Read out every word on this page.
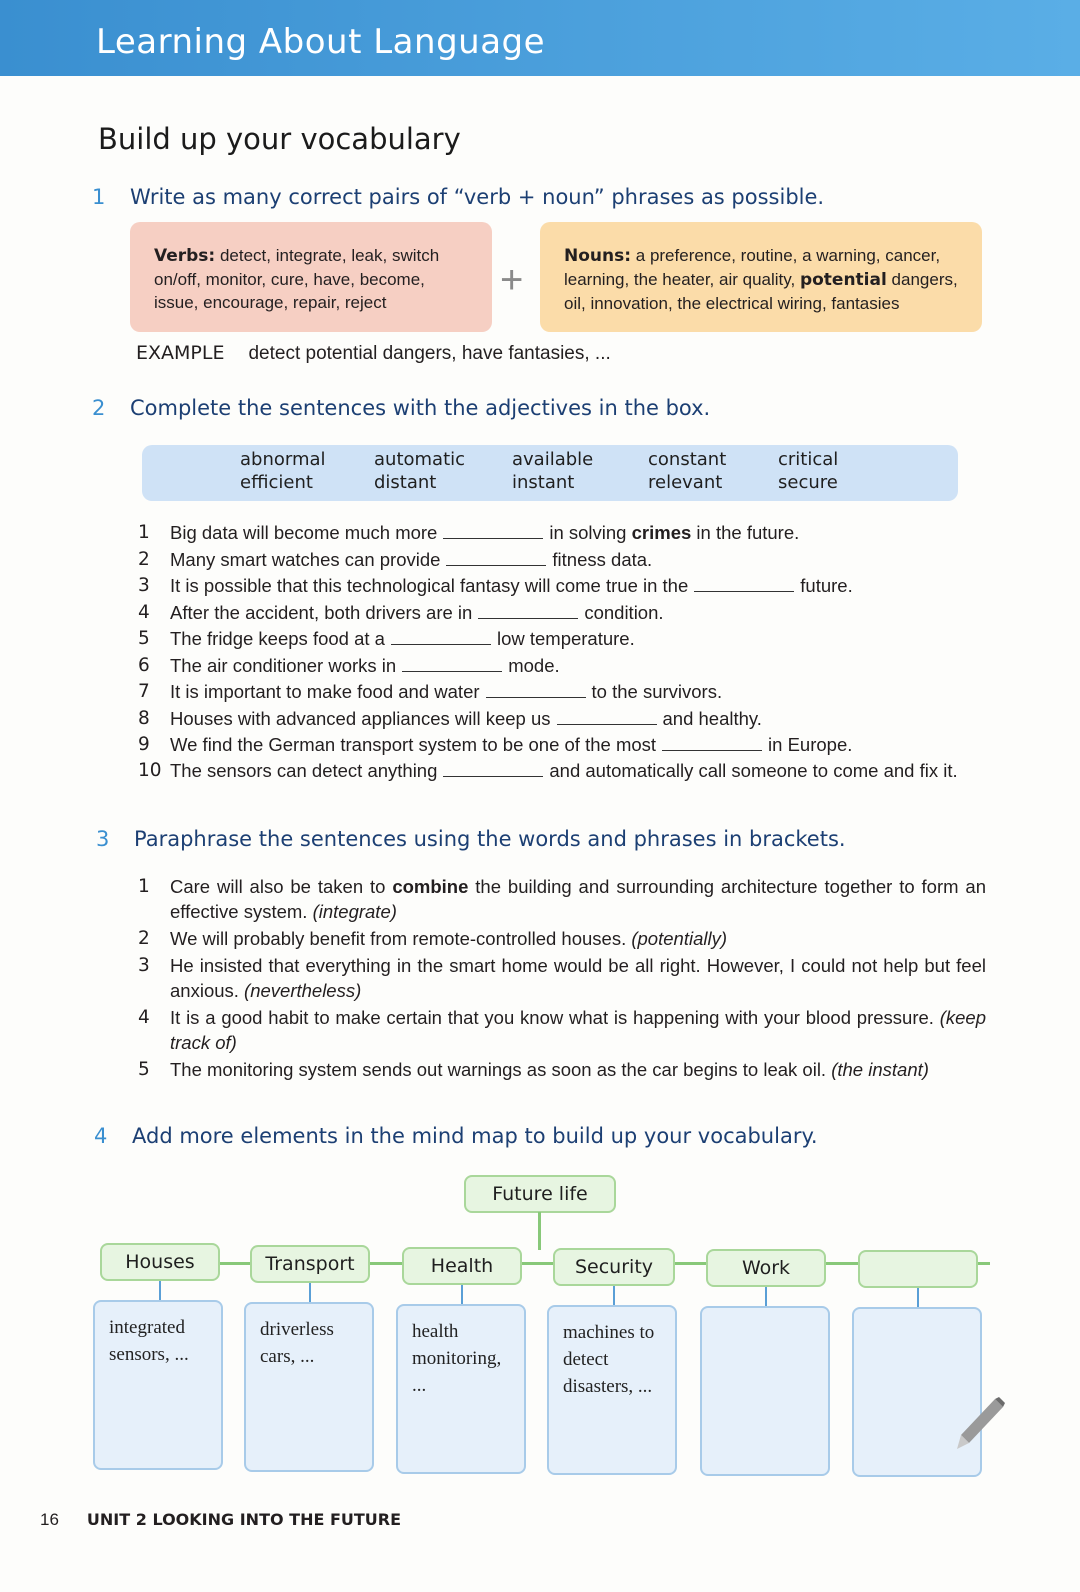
Learning About Language
Build up your vocabulary
1 Write as many correct pairs of “verb + noun” phrases as possible.
Verbs: detect, integrate, leak, switch on/off, monitor, cure, have, become, issue, encourage, repair, reject
+
Nouns: a preference, routine, a warning, cancer, learning, the heater, air quality, potential dangers, oil, innovation, the electrical wiring, fantasies
EXAMPLE detect potential dangers, have fantasies, ...
2 Complete the sentences with the adjectives in the box.
abnormal	automatic	available	constant	critical
efficient	distant	instant	relevant	secure
1	Big data will become much more	in solving crimes in the future.
2	Many smart watches can provide	fitness data.
3	It is possible that this technological fantasy will come true in the	future.
4	After the accident, both drivers are in	condition.
5	The fridge keeps food at a	low temperature.
6	The air conditioner works in	mode.
7	It is important to make food and water	to the survivors.
8	Houses with advanced appliances will keep us	and healthy.
9	We find the German transport system to be one of the most	in Europe.
10 The sensors can detect anything	and automatically call someone to come and fix it.
3 Paraphrase the sentences using the words and phrases in brackets.
1	Care will also be taken to combine the building and surrounding architecture together to form an effective system. (integrate)
2	We will probably benefit from remote-controlled houses. (potentially)
3	He insisted that everything in the smart home would be all right. However, I could not help but feel anxious. (nevertheless)
4	It is a good habit to make certain that you know what is happening with your blood pressure. (keep track of)
5	The monitoring system sends out warnings as soon as the car begins to leak oil. (the instant)
4 Add more elements in the mind map to build up your vocabulary.
Future life
Houses	Transport	Health	Security	Work
integrated sensors, ...
driverless cars, ...
health monitoring, ...
machines to detect disasters, ...
16 UNIT 2 LOOKING INTO THE FUTURE
